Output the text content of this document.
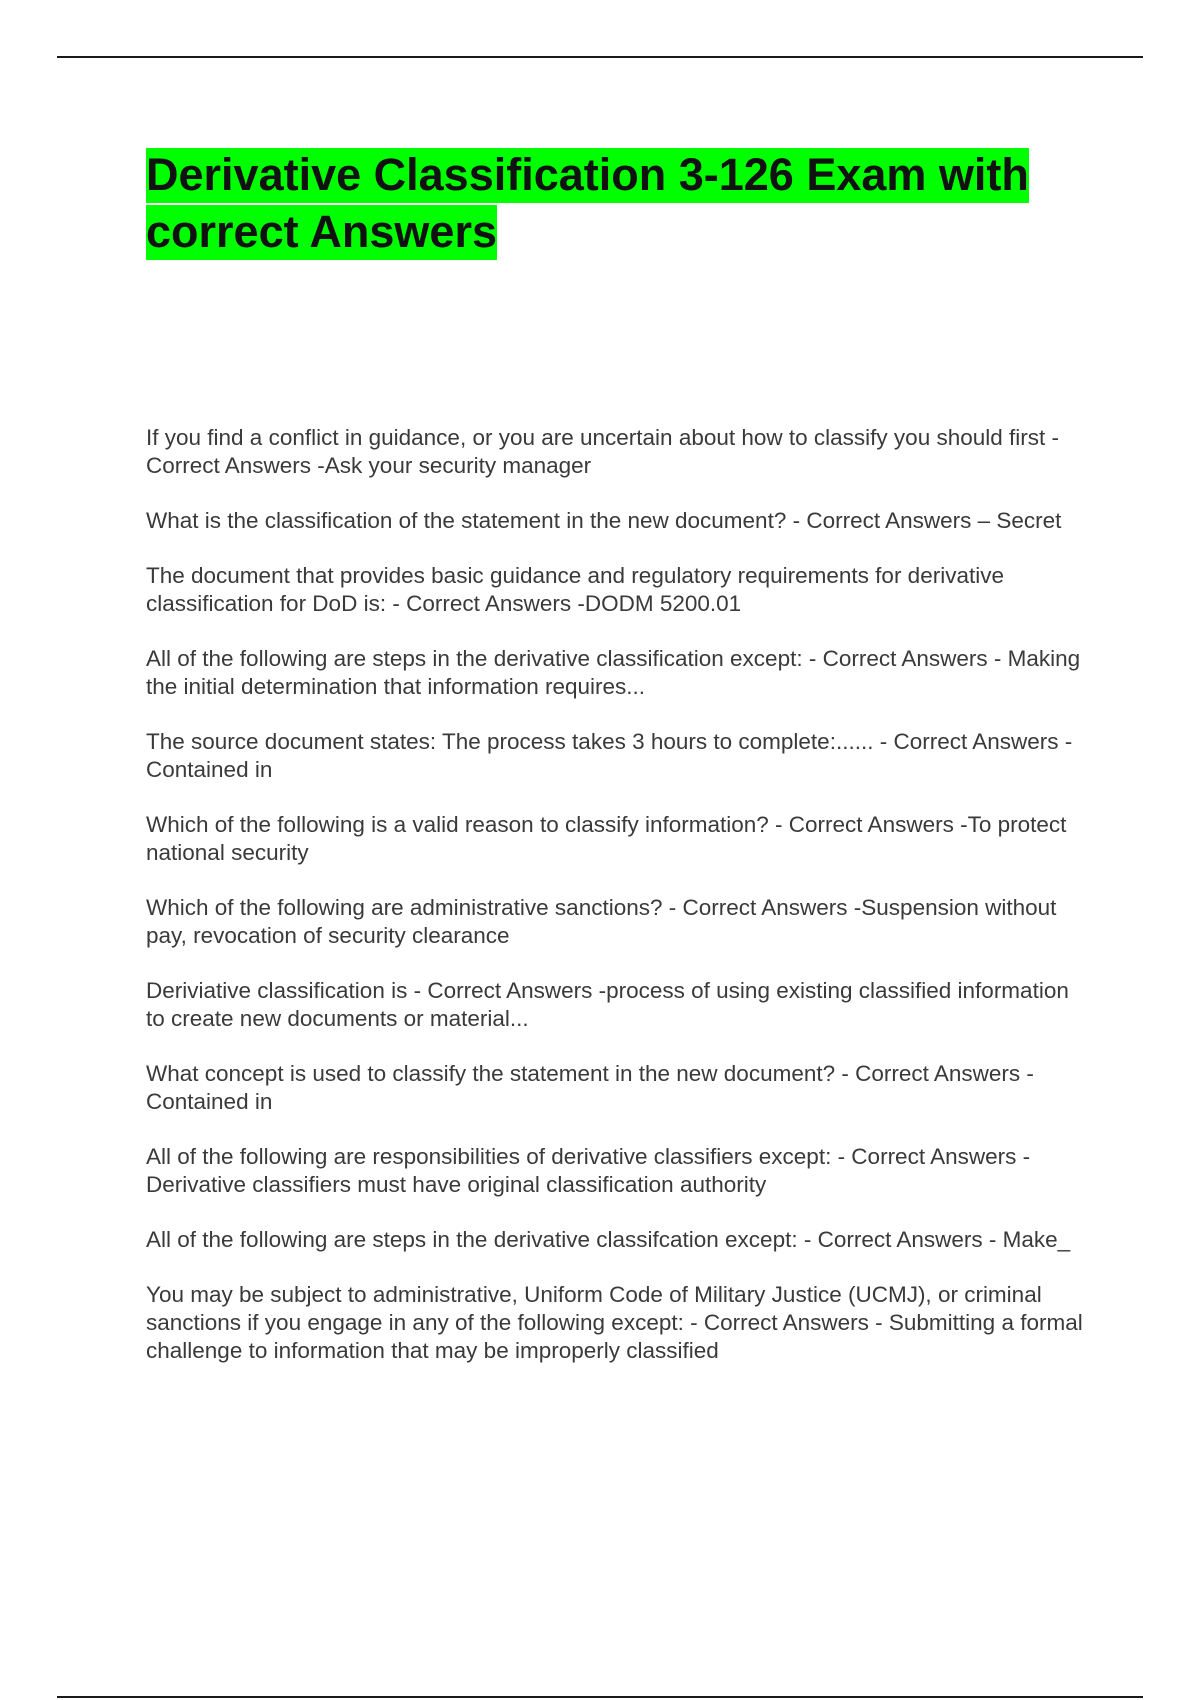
Derivative Classification 3-126 Exam with correct Answers
If you find a conflict in guidance, or you are uncertain about how to classify you should first - Correct Answers -Ask your security manager
What is the classification of the statement in the new document? - Correct Answers – Secret
The document that provides basic guidance and regulatory requirements for derivative classification for DoD is: - Correct Answers -DODM 5200.01
All of the following are steps in the derivative classification except: - Correct Answers - Making the initial determination that information requires...
The source document states: The process takes 3 hours to complete:...... - Correct Answers -Contained in
Which of the following is a valid reason to classify information? - Correct Answers -To protect national security
Which of the following are administrative sanctions? - Correct Answers -Suspension without pay, revocation of security clearance
Deriviative classification is - Correct Answers -process of using existing classified information to create new documents or material...
What concept is used to classify the statement in the new document? - Correct Answers -Contained in
All of the following are responsibilities of derivative classifiers except: - Correct Answers -Derivative classifiers must have original classification authority
All of the following are steps in the derivative classifcation except: - Correct Answers - Make_
You may be subject to administrative, Uniform Code of Military Justice (UCMJ), or criminal sanctions if you engage in any of the following except: - Correct Answers - Submitting a formal challenge to information that may be improperly classified
